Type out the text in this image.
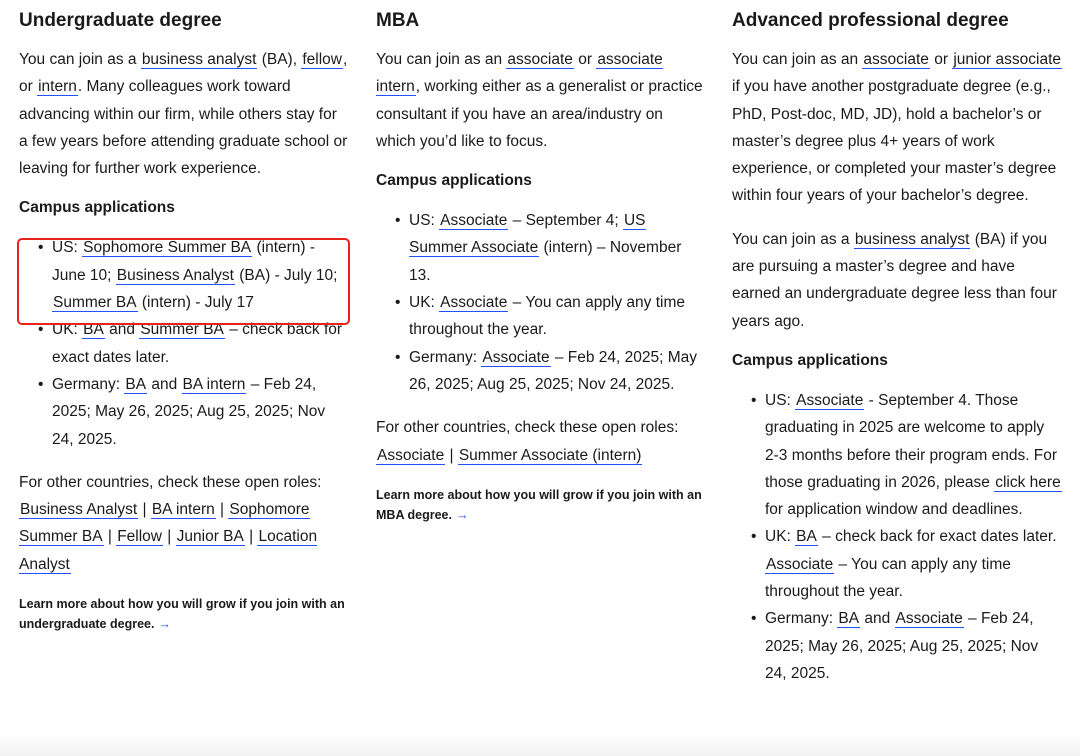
Undergraduate degree

You can join as a business analyst (BA), fellow, or intern. Many colleagues work toward advancing within our firm, while others stay for a few years before attending graduate school or leaving for further work experience.

Campus applications
• US: Sophomore Summer BA (intern) - June 10; Business Analyst (BA) - July 10; Summer BA (intern) - July 17
• UK: BA and Summer BA – check back for exact dates later.
• Germany: BA and BA intern – Feb 24, 2025; May 26, 2025; Aug 25, 2025; Nov 24, 2025.

For other countries, check these open roles:
Business Analyst | BA intern | Sophomore Summer BA | Fellow | Junior BA | Location Analyst

Learn more about how you will grow if you join with an undergraduate degree. →

MBA

You can join as an associate or associate intern, working either as a generalist or practice consultant if you have an area/industry on which you’d like to focus.

Campus applications
• US: Associate – September 4; US Summer Associate (intern) – November 13.
• UK: Associate – You can apply any time throughout the year.
• Germany: Associate – Feb 24, 2025; May 26, 2025; Aug 25, 2025; Nov 24, 2025.

For other countries, check these open roles:
Associate | Summer Associate (intern)

Learn more about how you will grow if you join with an MBA degree. →

Advanced professional degree

You can join as an associate or junior associate if you have another postgraduate degree (e.g., PhD, Post-doc, MD, JD), hold a bachelor’s or master’s degree plus 4+ years of work experience, or completed your master’s degree within four years of your bachelor’s degree.

You can join as a business analyst (BA) if you are pursuing a master’s degree and have earned an undergraduate degree less than four years ago.

Campus applications
• US: Associate - September 4. Those graduating in 2025 are welcome to apply 2-3 months before their program ends. For those graduating in 2026, please click here for application window and deadlines.
• UK: BA – check back for exact dates later. Associate – You can apply any time throughout the year.
• Germany: BA and Associate – Feb 24, 2025; May 26, 2025; Aug 25, 2025; Nov 24, 2025.
